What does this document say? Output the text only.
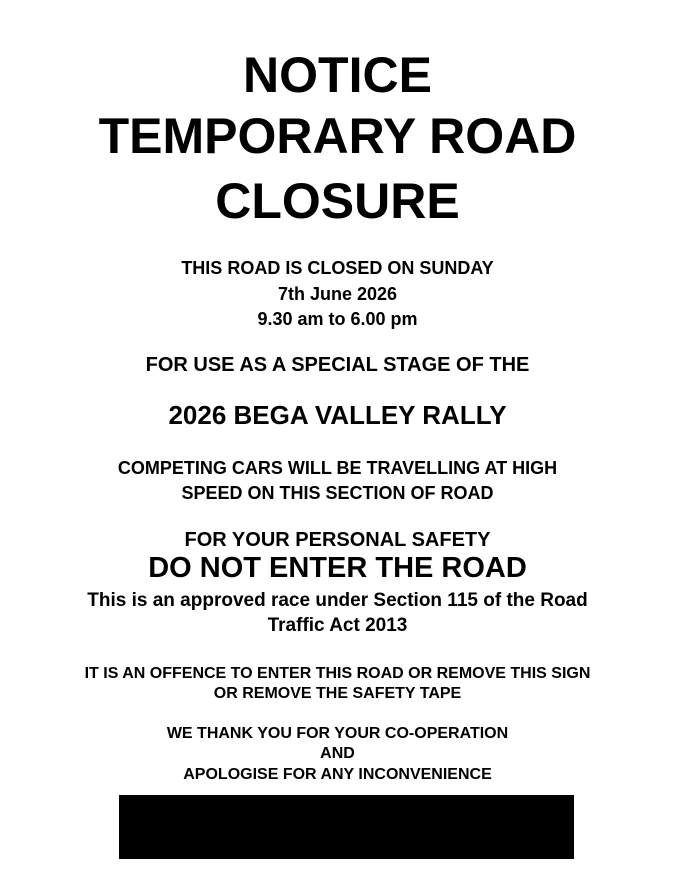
NOTICE
TEMPORARY ROAD
CLOSURE
THIS ROAD IS CLOSED ON SUNDAY
7th June 2026
9.30 am to 6.00 pm
FOR USE AS A SPECIAL STAGE OF THE
2026 BEGA VALLEY RALLY
COMPETING CARS WILL BE TRAVELLING AT HIGH
SPEED ON THIS SECTION OF ROAD
FOR YOUR PERSONAL SAFETY
DO NOT ENTER THE ROAD
This is an approved race under Section 115 of the Road
Traffic Act 2013
IT IS AN OFFENCE TO ENTER THIS ROAD OR REMOVE THIS SIGN
OR REMOVE THE SAFETY TAPE
WE THANK YOU FOR YOUR CO-OPERATION
AND
APOLOGISE FOR ANY INCONVENIENCE
